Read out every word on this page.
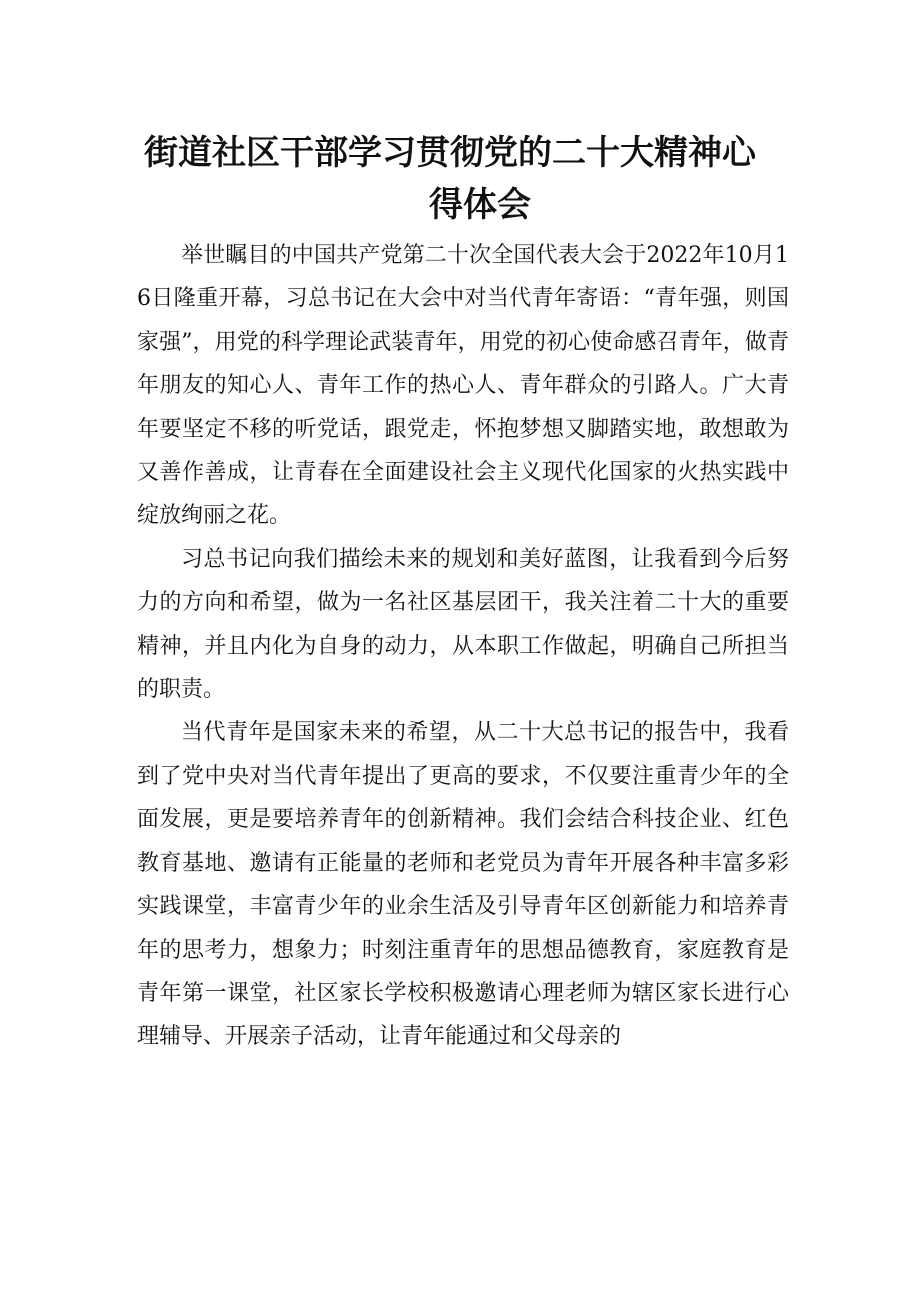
街道社区干部学习贯彻党的二十大精神心
得体会

举世瞩目的中国共产党第二十次全国代表大会于2022年10月16日隆重开幕，习总书记在大会中对当代青年寄语：“青年强，则国家强”，用党的科学理论武装青年，用党的初心使命感召青年，做青年朋友的知心人、青年工作的热心人、青年群众的引路人。广大青年要坚定不移的听党话，跟党走，怀抱梦想又脚踏实地，敢想敢为又善作善成，让青春在全面建设社会主义现代化国家的火热实践中绽放绚丽之花。

习总书记向我们描绘未来的规划和美好蓝图，让我看到今后努力的方向和希望，做为一名社区基层团干，我关注着二十大的重要精神，并且内化为自身的动力，从本职工作做起，明确自己所担当的职责。

当代青年是国家未来的希望，从二十大总书记的报告中，我看到了党中央对当代青年提出了更高的要求，不仅要注重青少年的全面发展，更是要培养青年的创新精神。我们会结合科技企业、红色教育基地、邀请有正能量的老师和老党员为青年开展各种丰富多彩实践课堂，丰富青少年的业余生活及引导青年区创新能力和培养青年的思考力，想象力；时刻注重青年的思想品德教育，家庭教育是青年第一课堂，社区家长学校积极邀请心理老师为辖区家长进行心理辅导、开展亲子活动，让青年能通过和父母亲的
